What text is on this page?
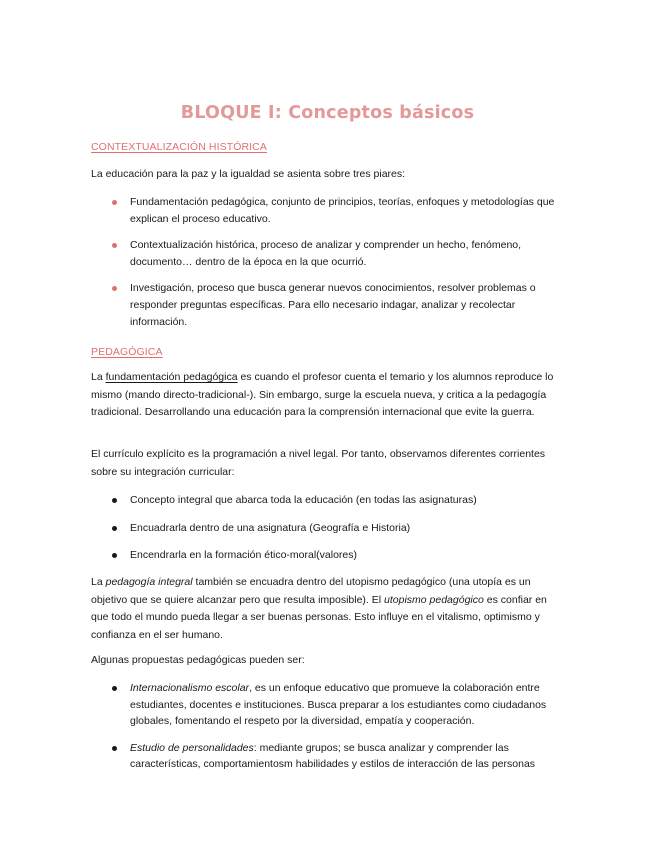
BLOQUE I: Conceptos básicos
CONTEXTUALIZACIÓN HISTÓRICA

La educación para la paz y la igualdad se asienta sobre tres piares:

Fundamentación pedagógica, conjunto de principios, teorías, enfoques y metodologías que explican el proceso educativo.
Contextualización histórica, proceso de analizar y comprender un hecho, fenómeno, documento… dentro de la época en la que ocurrió.
Investigación, proceso que busca generar nuevos conocimientos, resolver problemas o responder preguntas específicas. Para ello necesario indagar, analizar y recolectar información.
PEDAGÓGICA

La fundamentación pedagógica es cuando el profesor cuenta el temario y los alumnos reproduce lo mismo (mando directo-tradicional-). Sin embargo, surge la escuela nueva, y critica a la pedagogía tradicional. Desarrollando una educación para la comprensión internacional que evite la guerra.

El currículo explícito es la programación a nivel legal. Por tanto, observamos diferentes corrientes sobre su integración curricular:

Concepto integral que abarca toda la educación (en todas las asignaturas)
Encuadrarla dentro de una asignatura (Geografía e Historia)
Encendrarla en la formación ético-moral(valores)

La pedagogía integral también se encuadra dentro del utopismo pedagógico (una utopía es un objetivo que se quiere alcanzar pero que resulta imposible). El utopismo pedagógico es confiar en que todo el mundo pueda llegar a ser buenas personas. Esto influye en el vitalismo, optimismo y confianza en el ser humano.

Algunas propuestas pedagógicas pueden ser:

Internacionalismo escolar, es un enfoque educativo que promueve la colaboración entre estudiantes, docentes e instituciones. Busca preparar a los estudiantes como ciudadanos globales, fomentando el respeto por la diversidad, empatía y cooperación.
Estudio de personalidades: mediante grupos; se busca analizar y comprender las características, comportamientosm habilidades y estilos de interacción de las personas
